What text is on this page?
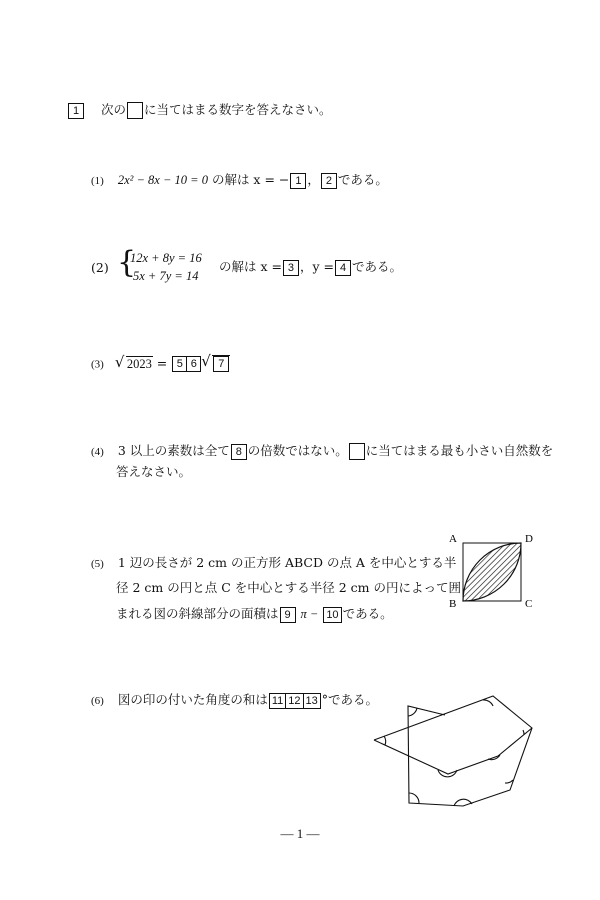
1 次の に当てはまる数字を答えなさい。
(1) 2x² − 8x − 10 = 0 の解は x = − 1 ， 2 である。
(2) {
12x + 8y = 16
5x + 7y = 14
の解は x = 3 ，y = 4 である。
(3) √ 2023 = 5 6	√ 7
(4) 3 以上の素数は全て 8 の倍数ではない。 に当てはまる最も小さい自然数を
答えなさい。
(5) 1 辺の長さが 2 cm の正方形 ABCD の点 A を中心とする半
径 2 cm の円と点 C を中心とする半径 2 cm の円によって囲
まれる図の斜線部分の面積は 9 π − 10 である。
A	D
B	C
(6) 図の印の付いた角度の和は 11 12 13 °である。
— 1 —
